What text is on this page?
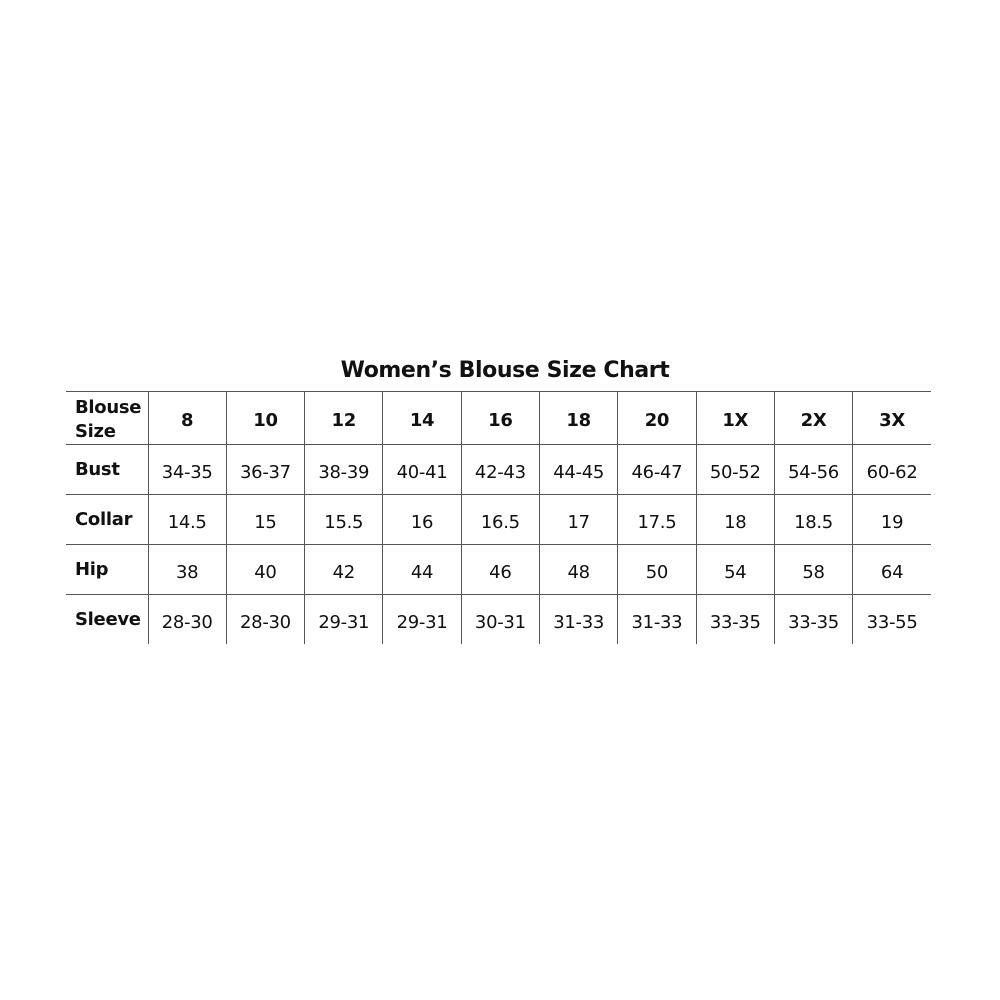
Women’s Blouse Size Chart
Blouse Size	8	10	12	14	16	18	20	1X	2X	3X
Bust	34-35	36-37	38-39	40-41	42-43	44-45	46-47	50-52	54-56	60-62
Collar	14.5	15	15.5	16	16.5	17	17.5	18	18.5	19
Hip	38	40	42	44	46	48	50	54	58	64
Sleeve	28-30	28-30	29-31	29-31	30-31	31-33	31-33	33-35	33-35	33-55
